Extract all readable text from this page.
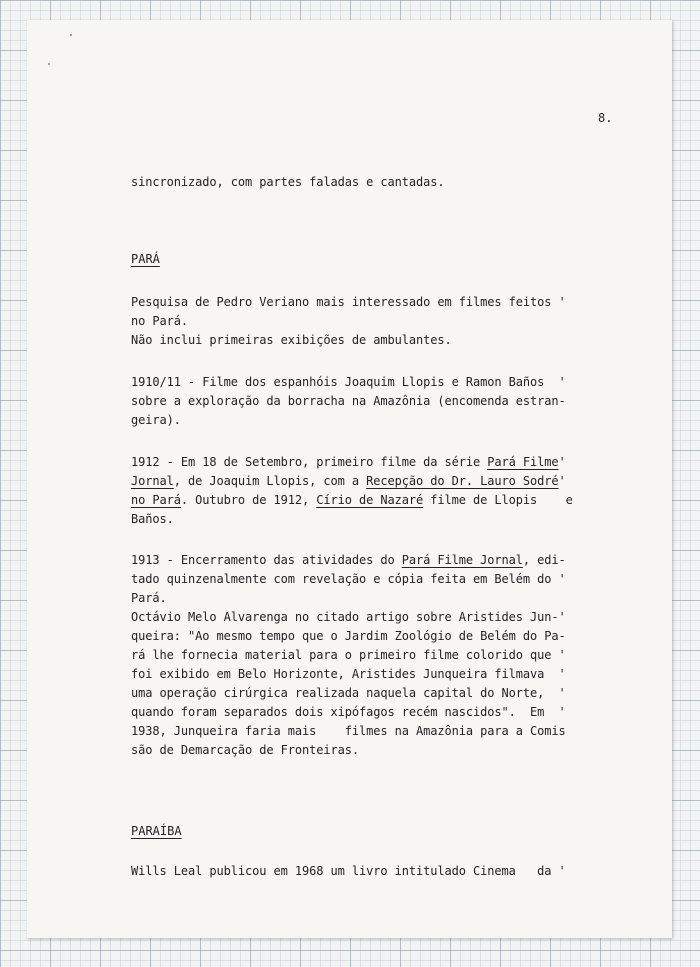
8.
sincronizado, com partes faladas e cantadas.
PARÁ
Pesquisa de Pedro Veriano mais interessado em filmes feitos '
no Pará.
Não inclui primeiras exibições de ambulantes.
1910/11 - Filme dos espanhóis Joaquim Llopis e Ramon Baños  '
sobre a exploração da borracha na Amazônia (encomenda estran-
geira).
1912 - Em 18 de Setembro, primeiro filme da série Pará Filme'
Jornal, de Joaquim Llopis, com a Recepção do Dr. Lauro Sodré'
no Pará. Outubro de 1912, Círio de Nazaré filme de Llopis    e
Baños.
1913 - Encerramento das atividades do Pará Filme Jornal, edi-
tado quinzenalmente com revelação e cópia feita em Belém do '
Pará.
Octávio Melo Alvarenga no citado artigo sobre Aristides Jun-'
queira: "Ao mesmo tempo que o Jardim Zoológio de Belém do Pa-
rá lhe fornecia material para o primeiro filme colorido que '
foi exibido em Belo Horizonte, Aristides Junqueira filmava  '
uma operação cirúrgica realizada naquela capital do Norte,  '
quando foram separados dois xipófagos recém nascidos".  Em  '
1938, Junqueira faria mais    filmes na Amazônia para a Comis
são de Demarcação de Fronteiras.
PARAÍBA
Wills Leal publicou em 1968 um livro intitulado Cinema   da '
